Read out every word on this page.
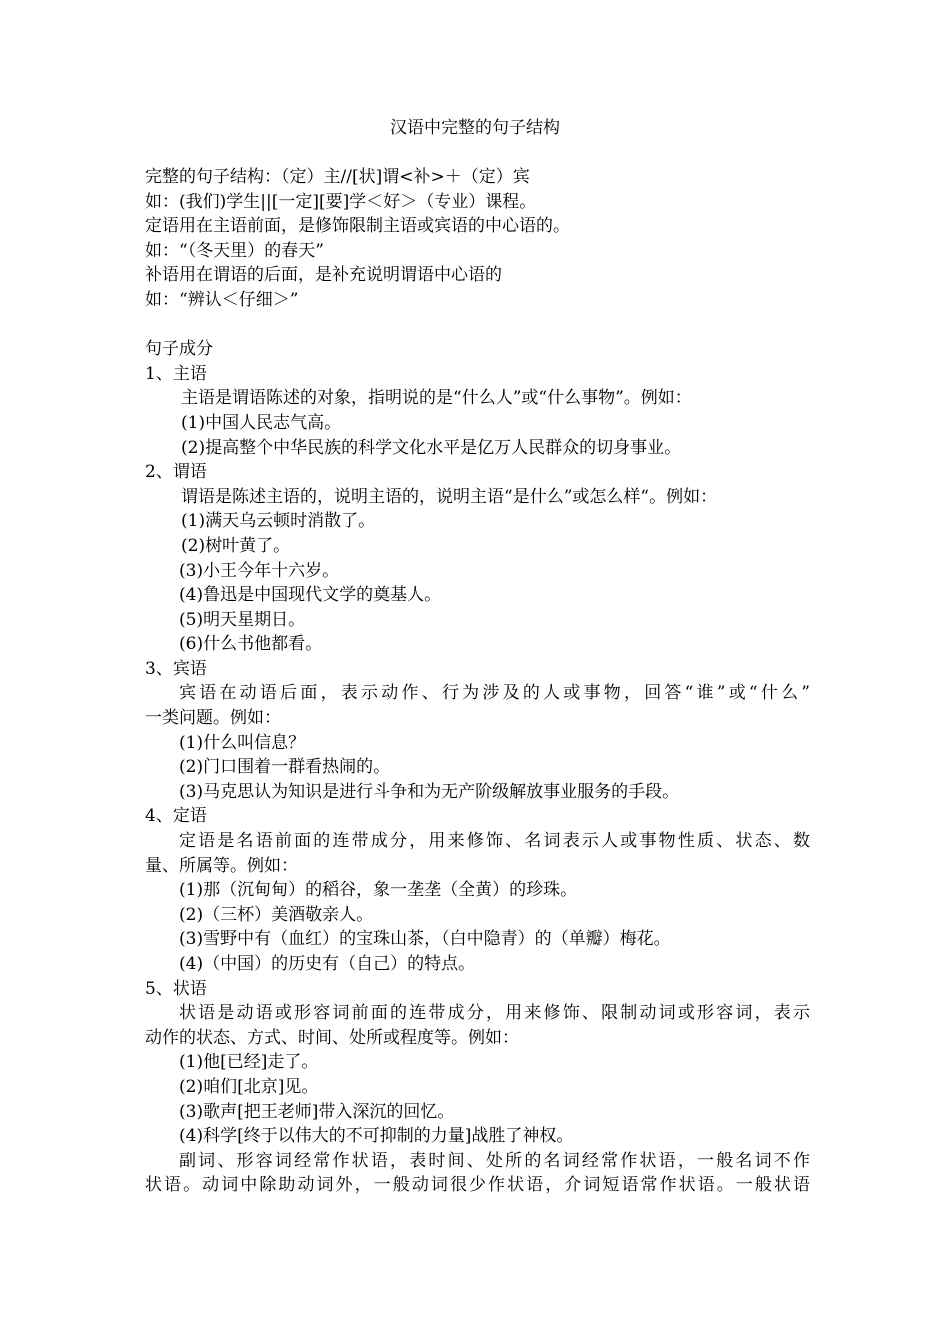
汉语中完整的句子结构
完整的句子结构：（定）主//[状]谓<补>＋（定）宾
如：(我们)学生||[一定][要]学＜好＞（专业）课程。
定语用在主语前面，是修饰限制主语或宾语的中心语的。
如：“（冬天里）的春天”
补语用在谓语的后面，是补充说明谓语中心语的
如：“辨认＜仔细＞”
句子成分
1、主语
主语是谓语陈述的对象，指明说的是“什么人”或“什么事物”。例如：
(1)中国人民志气高。
(2)提高整个中华民族的科学文化水平是亿万人民群众的切身事业。
2、谓语
谓语是陈述主语的，说明主语的，说明主语“是什么”或怎么样“。例如：
(1)满天乌云顿时消散了。
(2)树叶黄了。
(3)小王今年十六岁。
(4)鲁迅是中国现代文学的奠基人。
(5)明天星期日。
(6)什么书他都看。
3、宾语
宾语在动语后面，表示动作、行为涉及的人或事物，回答“谁”或“什么”
一类问题。例如：
(1)什么叫信息？
(2)门口围着一群看热闹的。
(3)马克思认为知识是进行斗争和为无产阶级解放事业服务的手段。
4、定语
定语是名语前面的连带成分，用来修饰、名词表示人或事物性质、状态、数
量、所属等。例如：
(1)那（沉甸甸）的稻谷，象一垄垄（全黄）的珍珠。
(2)（三杯）美酒敬亲人。
(3)雪野中有（血红）的宝珠山茶，（白中隐青）的（单瓣）梅花。
(4)（中国）的历史有（自己）的特点。
5、状语
状语是动语或形容词前面的连带成分，用来修饰、限制动词或形容词，表示
动作的状态、方式、时间、处所或程度等。例如：
(1)他[已经]走了。
(2)咱们[北京]见。
(3)歌声[把王老师]带入深沉的回忆。
(4)科学[终于以伟大的不可抑制的力量]战胜了神权。
副词、形容词经常作状语，表时间、处所的名词经常作状语，一般名词不作
状语。动词中除助动词外，一般动词很少作状语，介词短语常作状语。一般状语
